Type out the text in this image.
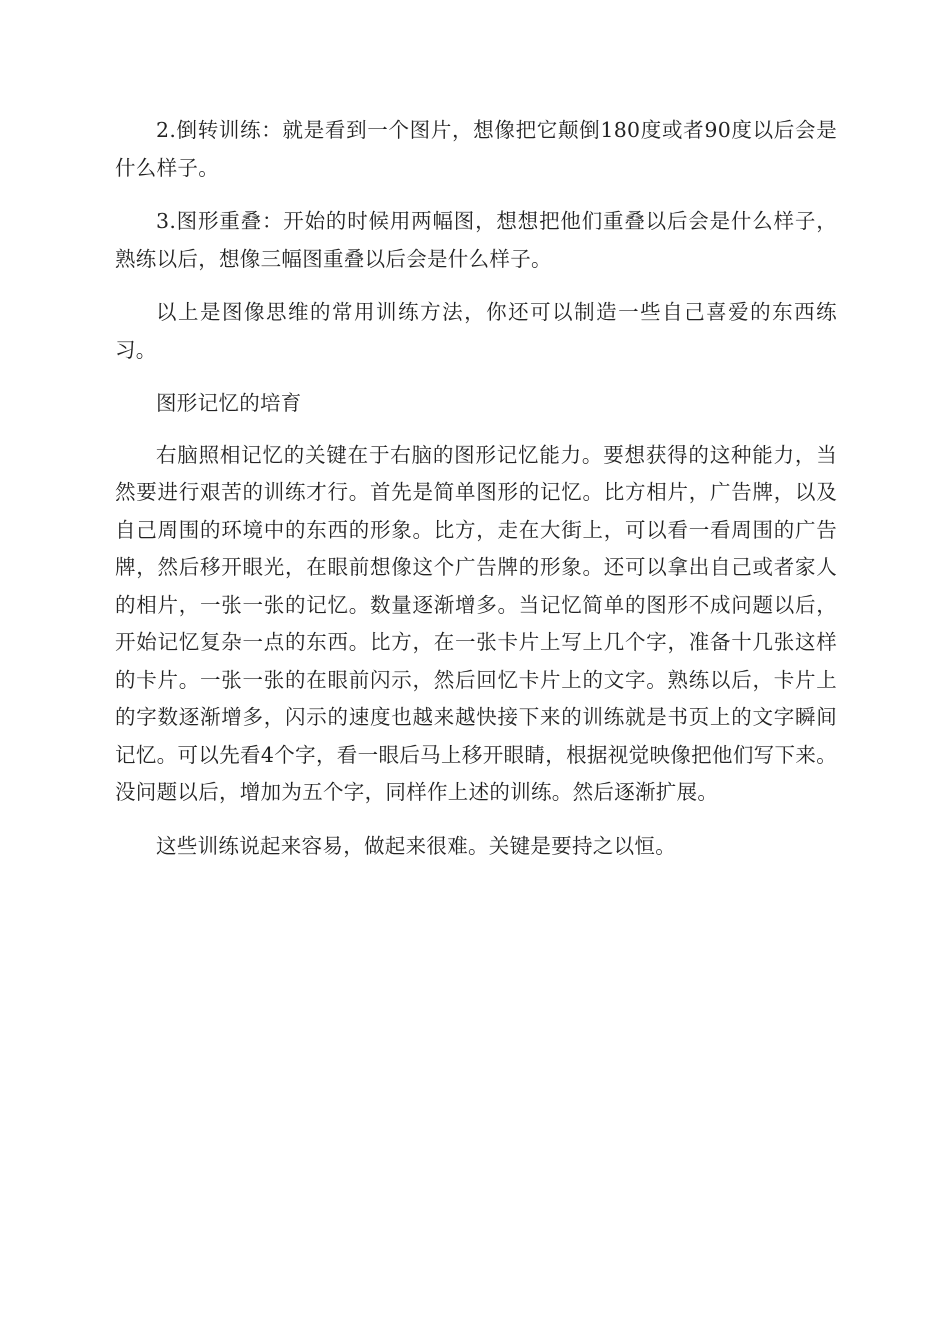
2.倒转训练：就是看到一个图片，想像把它颠倒180度或者90度以后会是什么样子。

3.图形重叠：开始的时候用两幅图，想想把他们重叠以后会是什么样子，熟练以后，想像三幅图重叠以后会是什么样子。

以上是图像思维的常用训练方法，你还可以制造一些自己喜爱的东西练习。

图形记忆的培育

右脑照相记忆的关键在于右脑的图形记忆能力。要想获得的这种能力，当然要进行艰苦的训练才行。首先是简单图形的记忆。比方相片，广告牌，以及自己周围的环境中的东西的形象。比方，走在大街上，可以看一看周围的广告牌，然后移开眼光，在眼前想像这个广告牌的形象。还可以拿出自己或者家人的相片，一张一张的记忆。数量逐渐增多。当记忆简单的图形不成问题以后，开始记忆复杂一点的东西。比方，在一张卡片上写上几个字，准备十几张这样的卡片。一张一张的在眼前闪示，然后回忆卡片上的文字。熟练以后，卡片上的字数逐渐增多，闪示的速度也越来越快接下来的训练就是书页上的文字瞬间记忆。可以先看4个字，看一眼后马上移开眼睛，根据视觉映像把他们写下来。没问题以后，增加为五个字，同样作上述的训练。然后逐渐扩展。

这些训练说起来容易，做起来很难。关键是要持之以恒。
